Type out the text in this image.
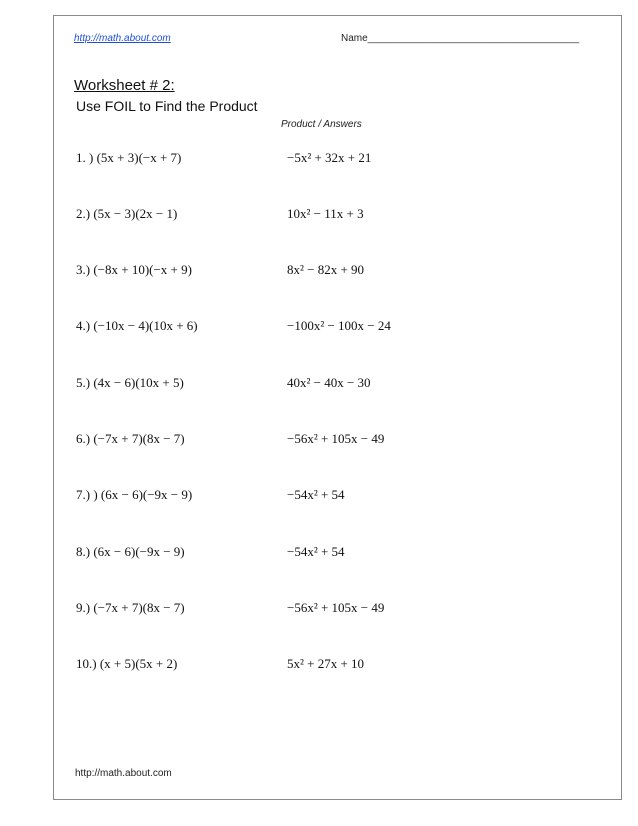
http://math.about.com	Name______________________________________
Worksheet # 2:
Use FOIL to Find the Product
Product / Answers
1. ) (5x + 3)(−x + 7)	−5x² + 32x + 21
2.) (5x − 3)(2x − 1)	10x² − 11x + 3
3.) (−8x + 10)(−x + 9)	8x² − 82x + 90
4.) (−10x − 4)(10x + 6)	−100x² − 100x − 24
5.) (4x − 6)(10x + 5)	40x² − 40x − 30
6.) (−7x + 7)(8x − 7)	−56x² + 105x − 49
7.) ) (6x − 6)(−9x − 9)	−54x² + 54
8.) (6x − 6)(−9x − 9)	−54x² + 54
9.) (−7x + 7)(8x − 7)	−56x² + 105x − 49
10.) (x + 5)(5x + 2)	5x² + 27x + 10
http://math.about.com
